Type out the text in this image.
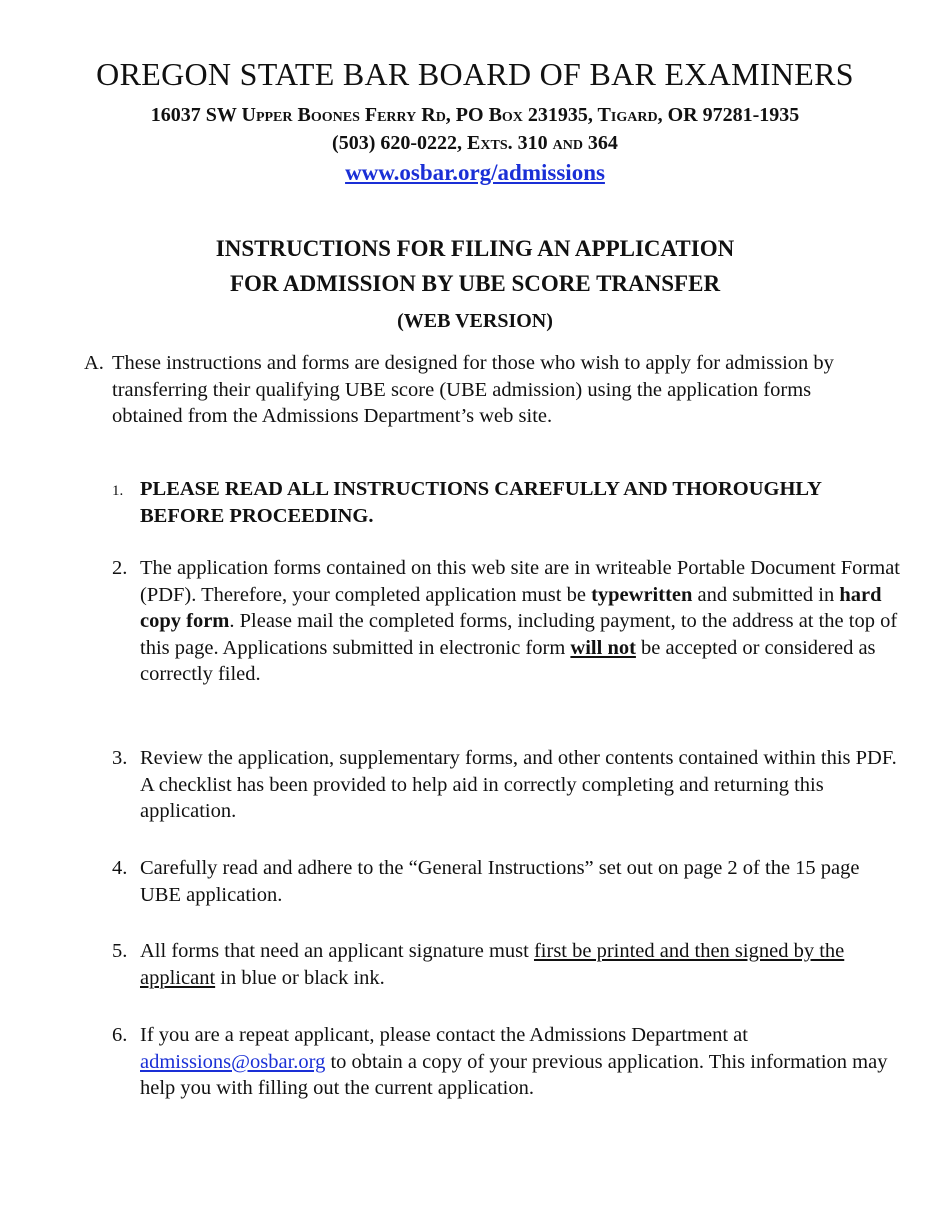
OREGON STATE BAR BOARD OF BAR EXAMINERS
16037 SW Upper Boones Ferry Rd, PO Box 231935, Tigard, OR 97281-1935
(503) 620-0222, Exts. 310 and 364
www.osbar.org/admissions
INSTRUCTIONS FOR FILING AN APPLICATION
FOR ADMISSION BY UBE SCORE TRANSFER
(WEB VERSION)
A. These instructions and forms are designed for those who wish to apply for admission by transferring their qualifying UBE score (UBE admission) using the application forms obtained from the Admissions Department’s web site.
1. PLEASE READ ALL INSTRUCTIONS CAREFULLY AND THOROUGHLY BEFORE PROCEEDING.
2. The application forms contained on this web site are in writeable Portable Document Format (PDF). Therefore, your completed application must be typewritten and submitted in hard copy form. Please mail the completed forms, including payment, to the address at the top of this page. Applications submitted in electronic form will not be accepted or considered as correctly filed.
3. Review the application, supplementary forms, and other contents contained within this PDF. A checklist has been provided to help aid in correctly completing and returning this application.
4. Carefully read and adhere to the “General Instructions” set out on page 2 of the 15 page UBE application.
5. All forms that need an applicant signature must first be printed and then signed by the applicant in blue or black ink.
6. If you are a repeat applicant, please contact the Admissions Department at admissions@osbar.org to obtain a copy of your previous application. This information may help you with filling out the current application.
